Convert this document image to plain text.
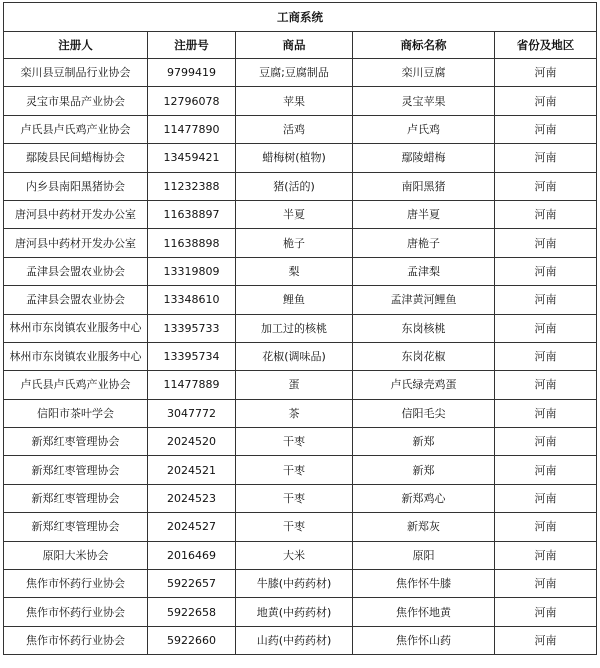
工商系统				
注册人	注册号	商品	商标名称	省份及地区
栾川县豆制品行业协会	9799419	豆腐;豆腐制品	栾川豆腐	河南
灵宝市果品产业协会	12796078	苹果	灵宝苹果	河南
卢氏县卢氏鸡产业协会	11477890	活鸡	卢氏鸡	河南
鄢陵县民间蜡梅协会	13459421	蜡梅树(植物)	鄢陵蜡梅	河南
内乡县南阳黑猪协会	11232388	猪(活的)	南阳黑猪	河南
唐河县中药材开发办公室	11638897	半夏	唐半夏	河南
唐河县中药材开发办公室	11638898	桅子	唐桅子	河南
孟津县会盟农业协会	13319809	梨	孟津梨	河南
孟津县会盟农业协会	13348610	鲤鱼	孟津黄河鲤鱼	河南
林州市东岗镇农业服务中心	13395733	加工过的核桃	东岗核桃	河南
林州市东岗镇农业服务中心	13395734	花椒(调味品)	东岗花椒	河南
卢氏县卢氏鸡产业协会	11477889	蛋	卢氏绿壳鸡蛋	河南
信阳市茶叶学会	3047772	茶	信阳毛尖	河南
新郑红枣管理协会	2024520	干枣	新郑	河南
新郑红枣管理协会	2024521	干枣	新郑	河南
新郑红枣管理协会	2024523	干枣	新郑鸡心	河南
新郑红枣管理协会	2024527	干枣	新郑灰	河南
原阳大米协会	2016469	大米	原阳	河南
焦作市怀药行业协会	5922657	牛膝(中药药材)	焦作怀牛膝	河南
焦作市怀药行业协会	5922658	地黄(中药药材)	焦作怀地黄	河南
焦作市怀药行业协会	5922660	山药(中药药材)	焦作怀山药	河南
